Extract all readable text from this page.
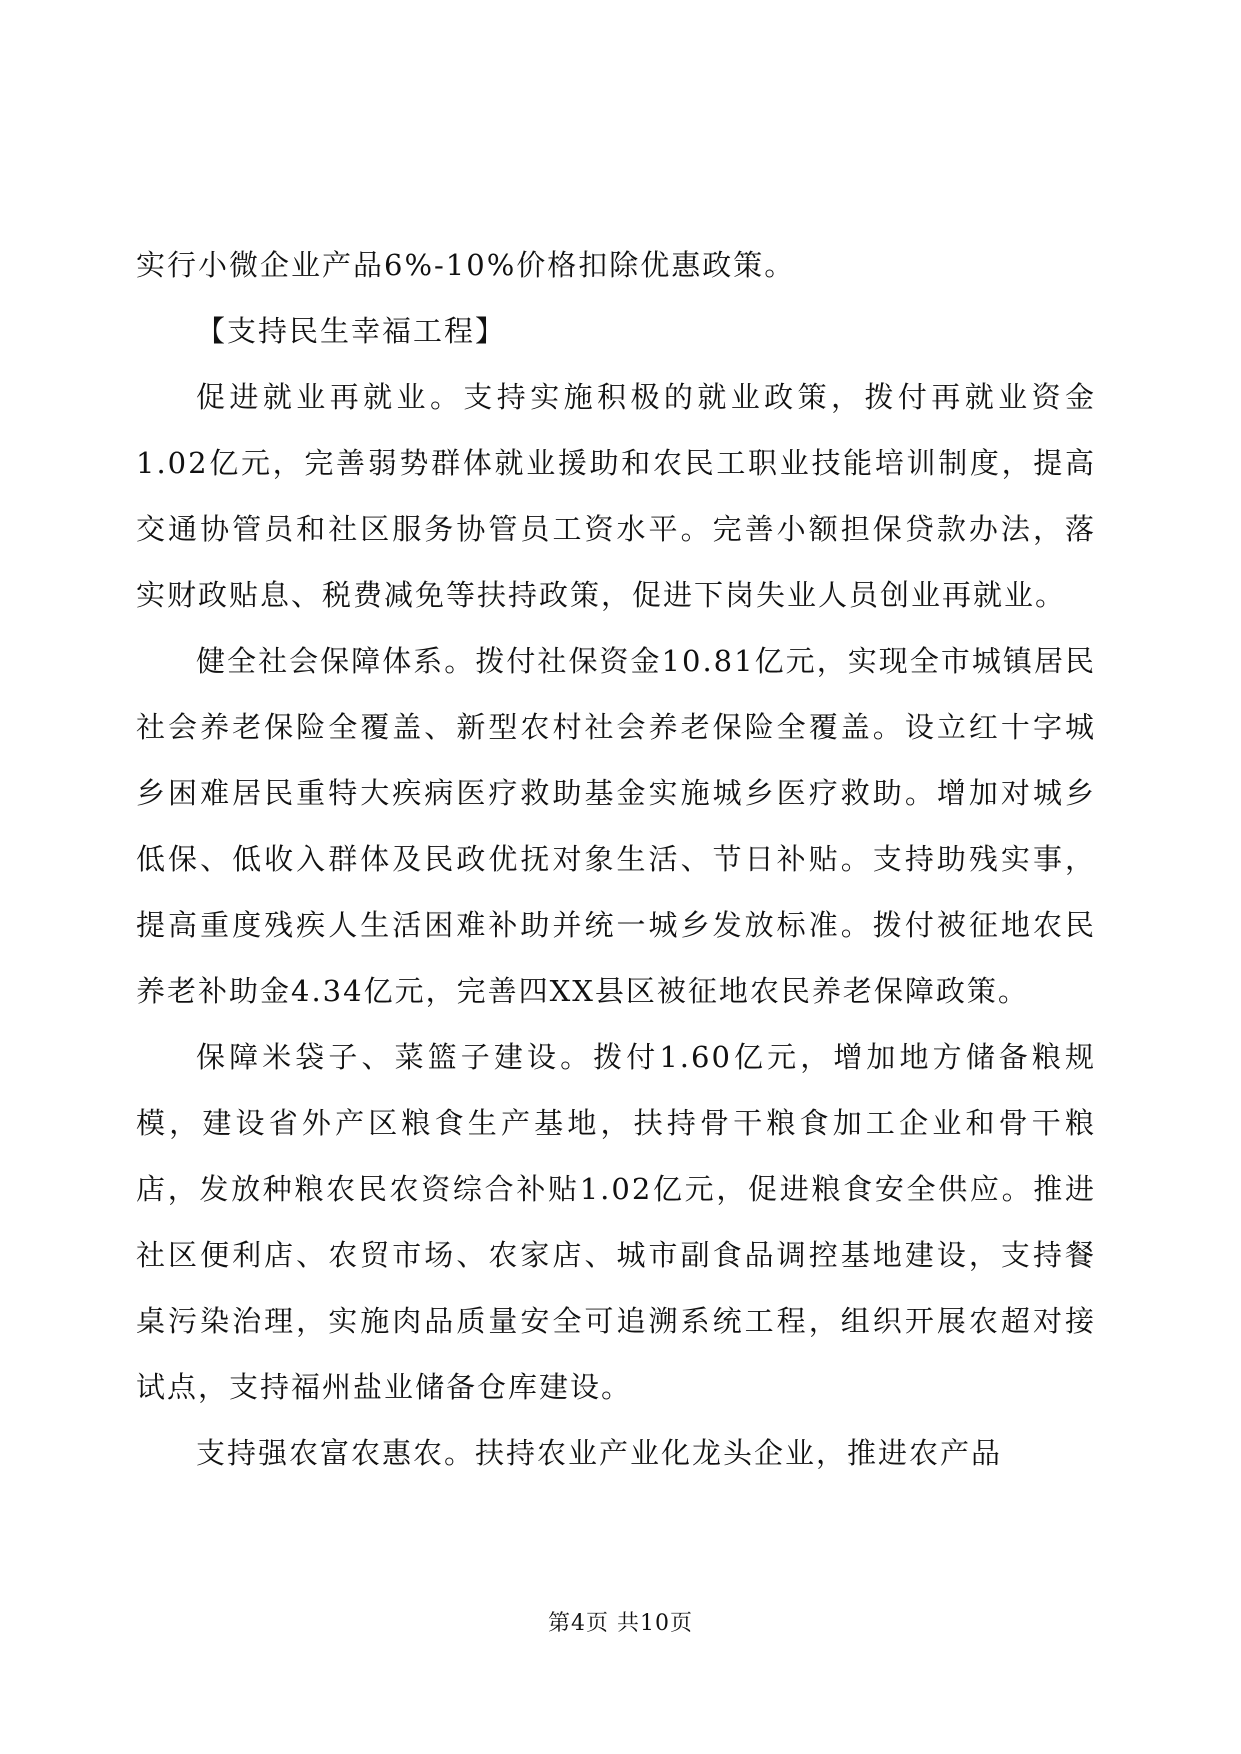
实行小微企业产品6%-10%价格扣除优惠政策。

【支持民生幸福工程】

促进就业再就业。支持实施积极的就业政策，拨付再就业资金1.02亿元，完善弱势群体就业援助和农民工职业技能培训制度，提高交通协管员和社区服务协管员工资水平。完善小额担保贷款办法，落实财政贴息、税费减免等扶持政策，促进下岗失业人员创业再就业。

健全社会保障体系。拨付社保资金10.81亿元，实现全市城镇居民社会养老保险全覆盖、新型农村社会养老保险全覆盖。设立红十字城乡困难居民重特大疾病医疗救助基金实施城乡医疗救助。增加对城乡低保、低收入群体及民政优抚对象生活、节日补贴。支持助残实事，提高重度残疾人生活困难补助并统一城乡发放标准。拨付被征地农民养老补助金4.34亿元，完善四XX县区被征地农民养老保障政策。

保障米袋子、菜篮子建设。拨付1.60亿元，增加地方储备粮规模，建设省外产区粮食生产基地，扶持骨干粮食加工企业和骨干粮店，发放种粮农民农资综合补贴1.02亿元，促进粮食安全供应。推进社区便利店、农贸市场、农家店、城市副食品调控基地建设，支持餐桌污染治理，实施肉品质量安全可追溯系统工程，组织开展农超对接试点，支持福州盐业储备仓库建设。

支持强农富农惠农。扶持农业产业化龙头企业，推进农产品

第4页 共10页
